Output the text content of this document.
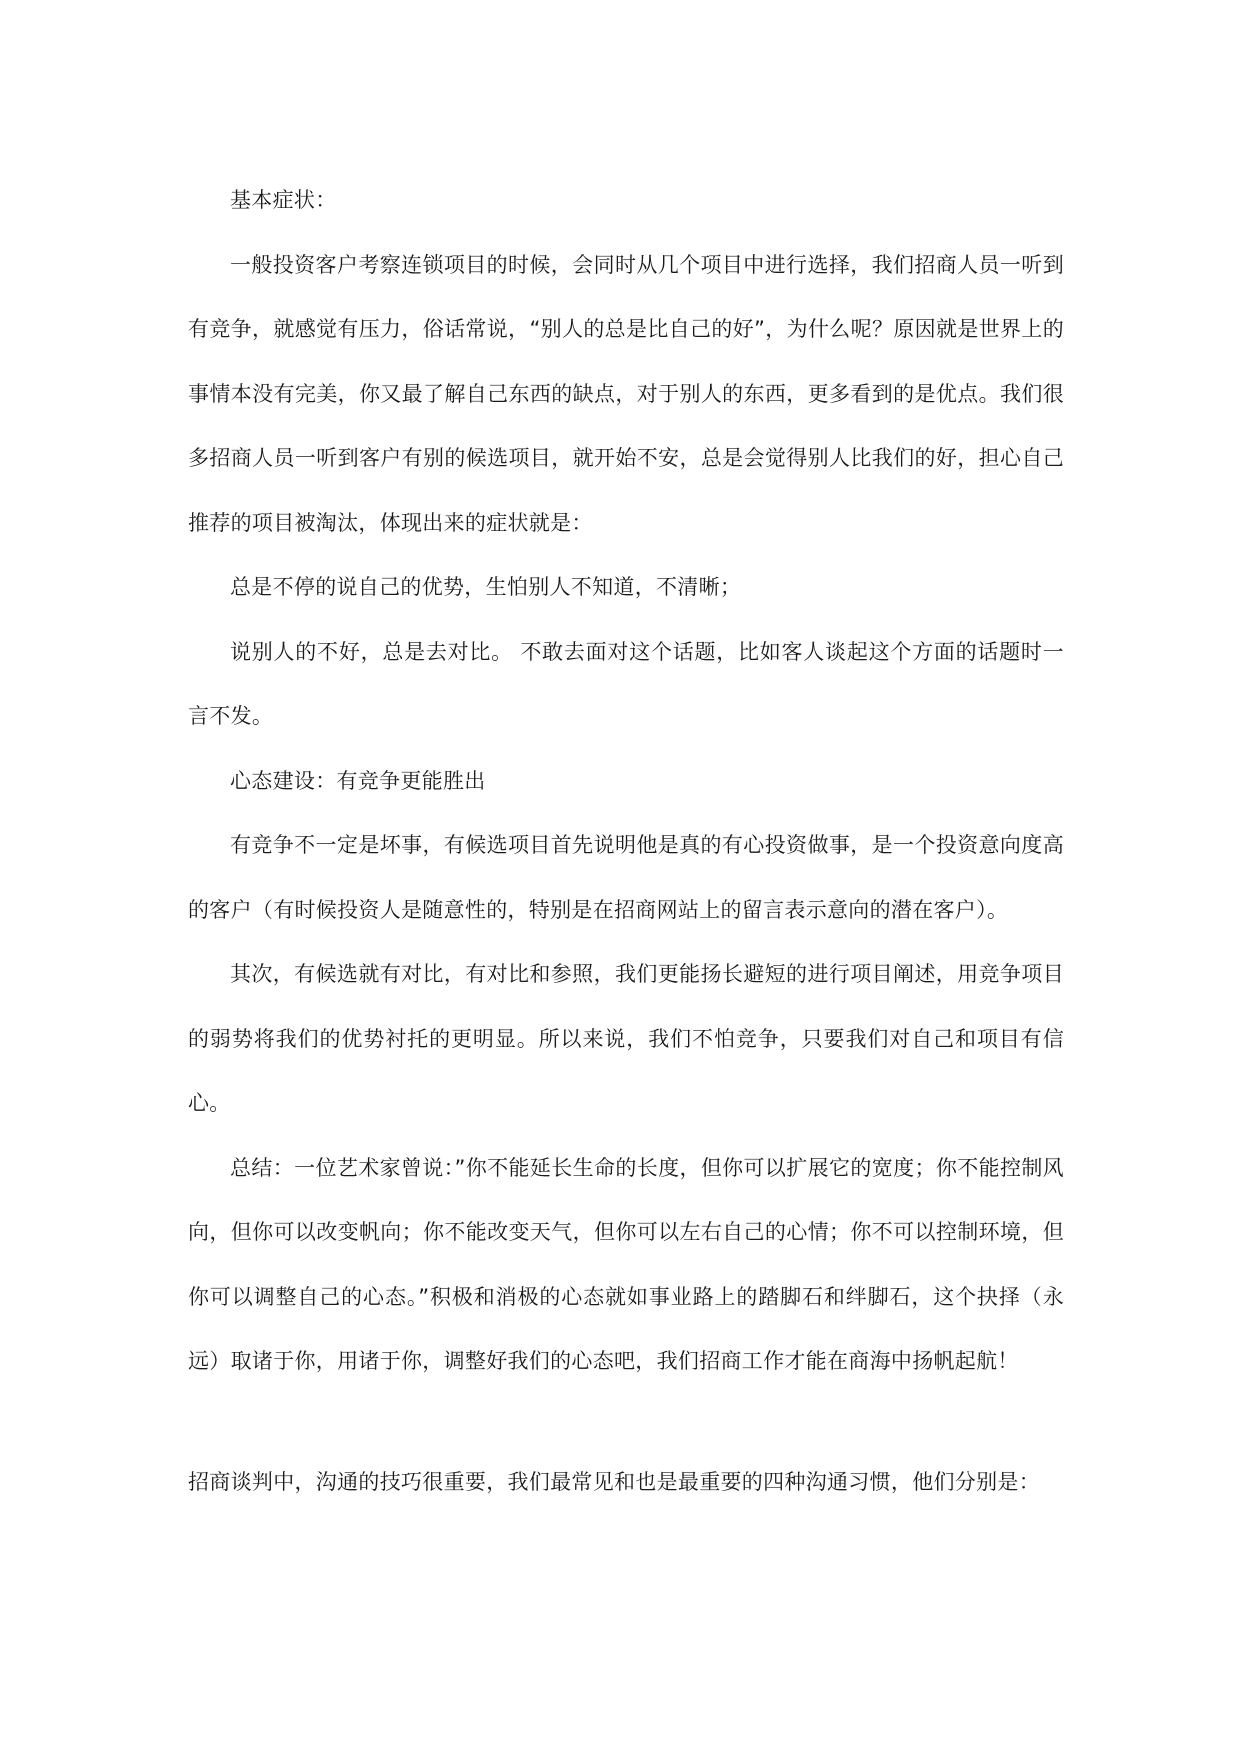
基本症状：

一般投资客户考察连锁项目的时候，会同时从几个项目中进行选择，我们招商人员一听到有竞争，就感觉有压力，俗话常说，“别人的总是比自己的好”，为什么呢？原因就是世界上的事情本没有完美，你又最了解自己东西的缺点，对于别人的东西，更多看到的是优点。我们很多招商人员一听到客户有别的候选项目，就开始不安，总是会觉得别人比我们的好，担心自己推荐的项目被淘汰，体现出来的症状就是：

总是不停的说自己的优势，生怕别人不知道，不清晰；

说别人的不好，总是去对比。 不敢去面对这个话题，比如客人谈起这个方面的话题时一言不发。

心态建设：有竞争更能胜出

有竞争不一定是坏事，有候选项目首先说明他是真的有心投资做事，是一个投资意向度高的客户（有时候投资人是随意性的，特别是在招商网站上的留言表示意向的潜在客户）。

其次，有候选就有对比，有对比和参照，我们更能扬长避短的进行项目阐述，用竞争项目的弱势将我们的优势衬托的更明显。所以来说，我们不怕竞争，只要我们对自己和项目有信心。

总结：一位艺术家曾说：”你不能延长生命的长度，但你可以扩展它的宽度；你不能控制风向，但你可以改变帆向；你不能改变天气，但你可以左右自己的心情；你不可以控制环境，但你可以调整自己的心态。”积极和消极的心态就如事业路上的踏脚石和绊脚石，这个抉择（永远）取诸于你，用诸于你，调整好我们的心态吧，我们招商工作才能在商海中扬帆起航！

招商谈判中，沟通的技巧很重要，我们最常见和也是最重要的四种沟通习惯，他们分别是：
